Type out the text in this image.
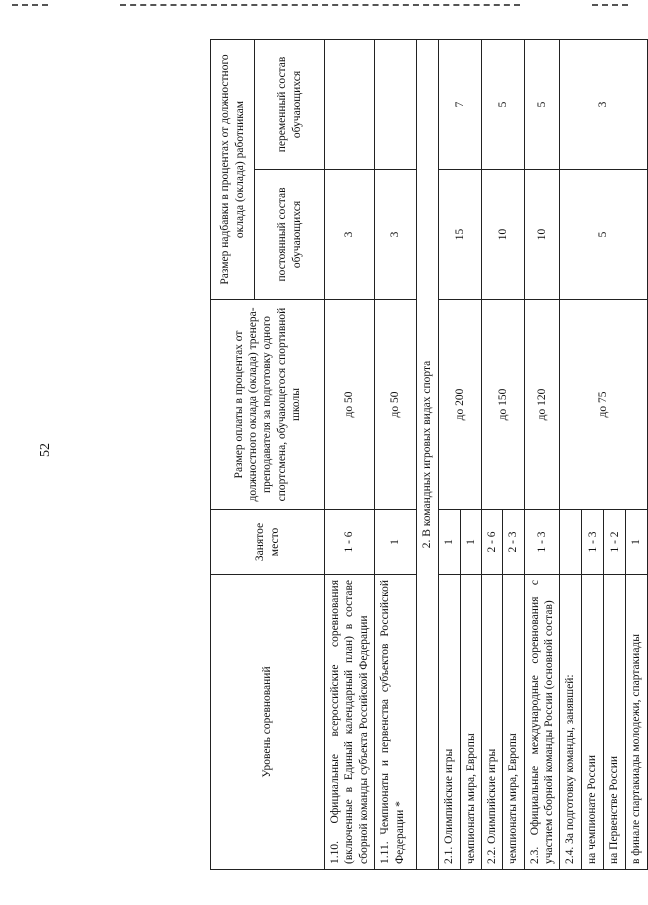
52
Уровень соревнований	Занятое место	Размер оплаты в процентах от должностного оклада (оклада) тренера-преподавателя за подготовку одного спортсмена, обучающегося спортивной школы	Размер надбавки в процентах от должностного оклада (оклада) работникам	
			постоянный состав обучающихся	переменный состав обучающихся
1.10. Официальные всероссийские соревнования (включенные в Единый календарный план) в составе сборной команды субъекта Российской Федерации	1 - 6	до 50	3	
1.11. Чемпионаты и первенства субъектов Российской Федерации *	1	до 50	3	
2. В командных игровых видах спорта				
2.1. Олимпийские игры	1	до 200	15	7
чемпионаты мира, Европы	1			
2.2. Олимпийские игры	2 - 6	до 150	10	5
чемпионаты мира, Европы	2 - 3			
2.3. Официальные международные соревнования с участием сборной команды России (основной состав)	1 - 3	до 120	10	5
2.4. За подготовку команды, занявшей:		до 75	5	3
на чемпионате России	1 - 3			
на Первенстве России	1 - 2			
в финале спартакиады молодежи, спартакиады	1			
